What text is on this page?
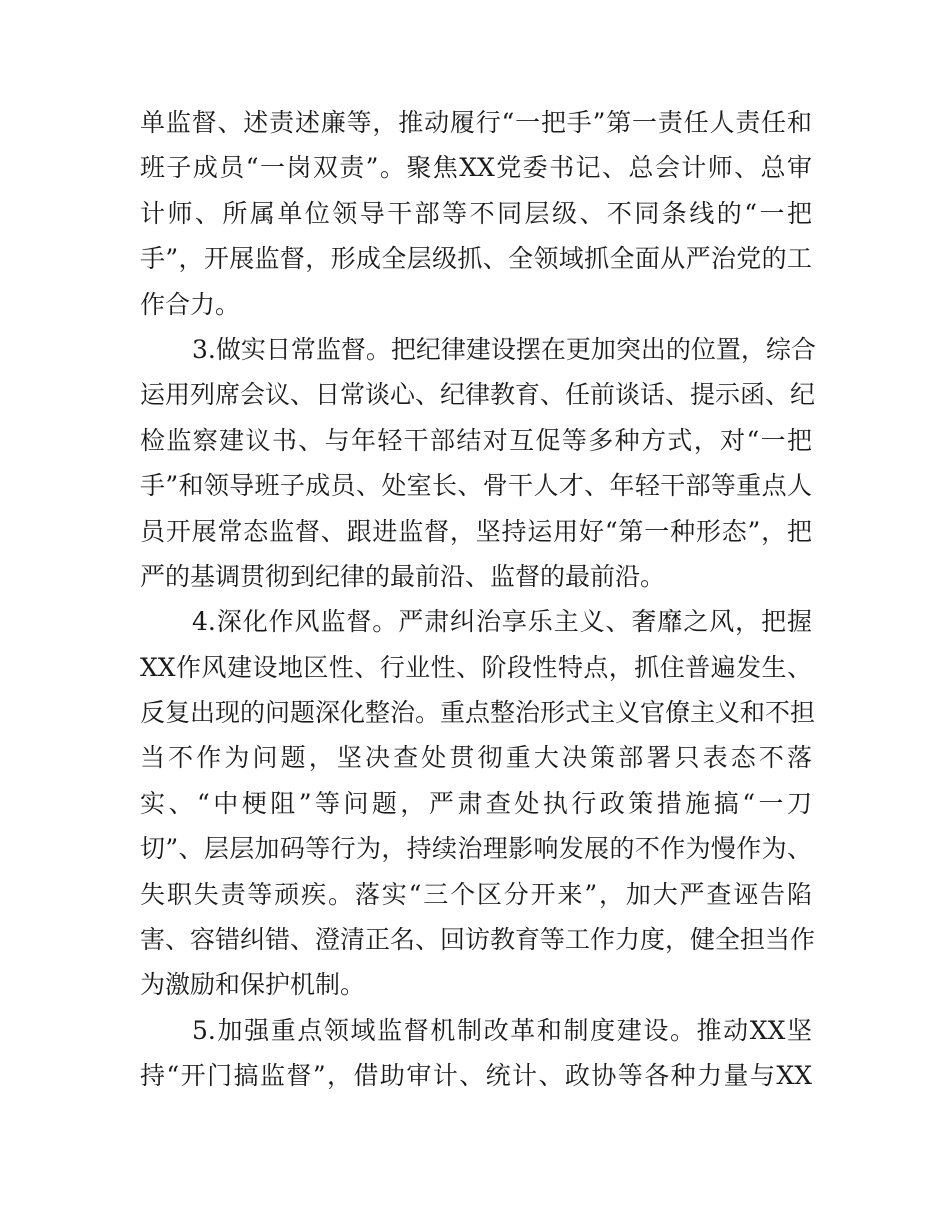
单监督、述责述廉等，推动履行“一把手”第一责任人责任和
班子成员“一岗双责”。聚焦XX党委书记、总会计师、总审
计师、所属单位领导干部等不同层级、不同条线的“一把
手”，开展监督，形成全层级抓、全领域抓全面从严治党的工
作合力。
3.做实日常监督。把纪律建设摆在更加突出的位置，综合
运用列席会议、日常谈心、纪律教育、任前谈话、提示函、纪
检监察建议书、与年轻干部结对互促等多种方式，对“一把
手”和领导班子成员、处室长、骨干人才、年轻干部等重点人
员开展常态监督、跟进监督，坚持运用好“第一种形态”，把
严的基调贯彻到纪律的最前沿、监督的最前沿。
4.深化作风监督。严肃纠治享乐主义、奢靡之风，把握
XX作风建设地区性、行业性、阶段性特点，抓住普遍发生、
反复出现的问题深化整治。重点整治形式主义官僚主义和不担
当不作为问题，坚决查处贯彻重大决策部署只表态不落
实、“中梗阻”等问题，严肃查处执行政策措施搞“一刀
切”、层层加码等行为，持续治理影响发展的不作为慢作为、
失职失责等顽疾。落实“三个区分开来”，加大严查诬告陷
害、容错纠错、澄清正名、回访教育等工作力度，健全担当作
为激励和保护机制。
5.加强重点领域监督机制改革和制度建设。推动XX坚
持“开门搞监督”，借助审计、统计、政协等各种力量与XX
